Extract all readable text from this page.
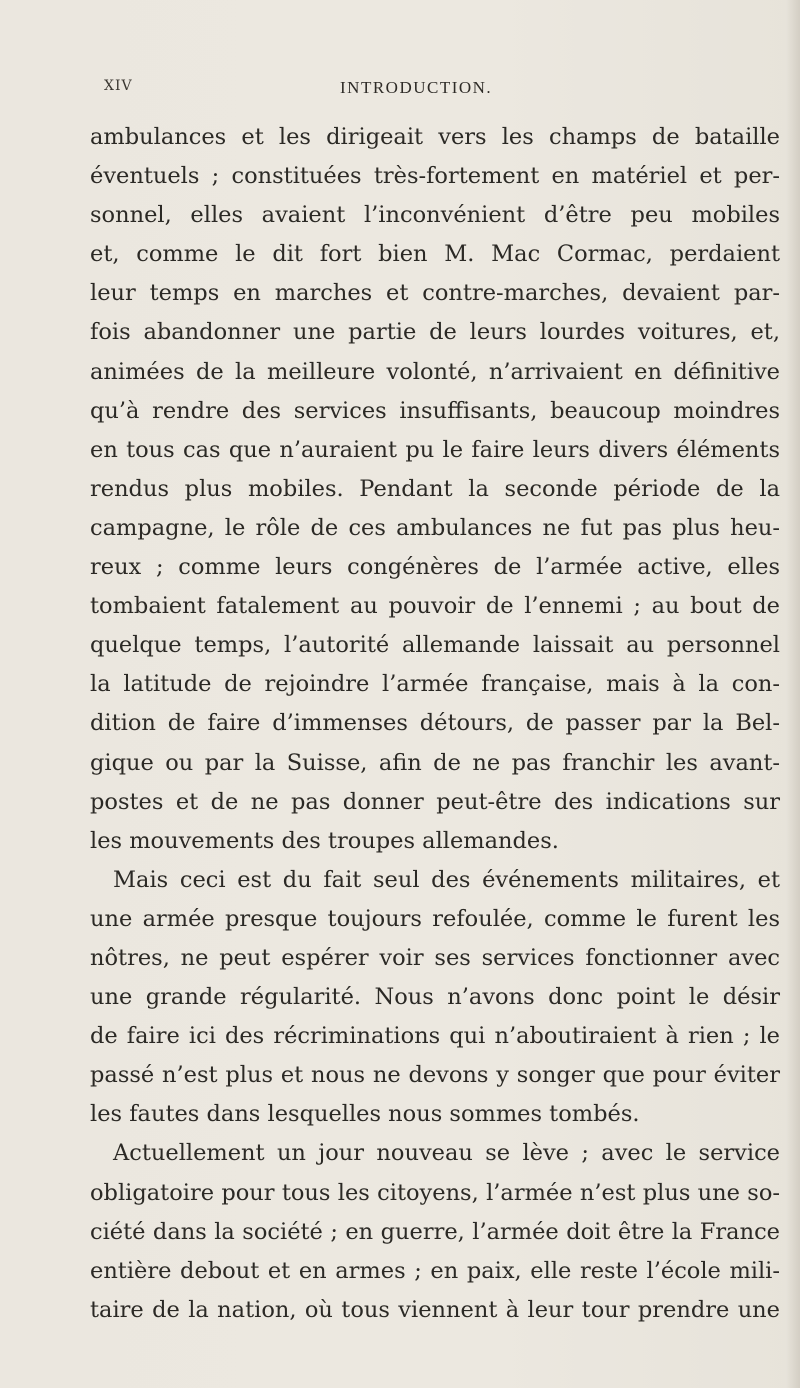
XIV	INTRODUCTION.
ambulances et les dirigeait vers les champs de bataille
éventuels ; constituées très-fortement en matériel et per-
sonnel, elles avaient l’inconvénient d’être peu mobiles
et, comme le dit fort bien M. Mac Cormac, perdaient
leur temps en marches et contre-marches, devaient par-
fois abandonner une partie de leurs lourdes voitures, et,
animées de la meilleure volonté, n’arrivaient en définitive
qu’à rendre des services insuffisants, beaucoup moindres
en tous cas que n’auraient pu le faire leurs divers éléments
rendus plus mobiles. Pendant la seconde période de la
campagne, le rôle de ces ambulances ne fut pas plus heu-
reux ; comme leurs congénères de l’armée active, elles
tombaient fatalement au pouvoir de l’ennemi ; au bout de
quelque temps, l’autorité allemande laissait au personnel
la latitude de rejoindre l’armée française, mais à la con-
dition de faire d’immenses détours, de passer par la Bel-
gique ou par la Suisse, afin de ne pas franchir les avant-
postes et de ne pas donner peut-être des indications sur
les mouvements des troupes allemandes.
Mais ceci est du fait seul des événements militaires, et
une armée presque toujours refoulée, comme le furent les
nôtres, ne peut espérer voir ses services fonctionner avec
une grande régularité. Nous n’avons donc point le désir
de faire ici des récriminations qui n’aboutiraient à rien ; le
passé n’est plus et nous ne devons y songer que pour éviter
les fautes dans lesquelles nous sommes tombés.
Actuellement un jour nouveau se lève ; avec le service
obligatoire pour tous les citoyens, l’armée n’est plus une so-
ciété dans la société ; en guerre, l’armée doit être la France
entière debout et en armes ; en paix, elle reste l’école mili-
taire de la nation, où tous viennent à leur tour prendre une
